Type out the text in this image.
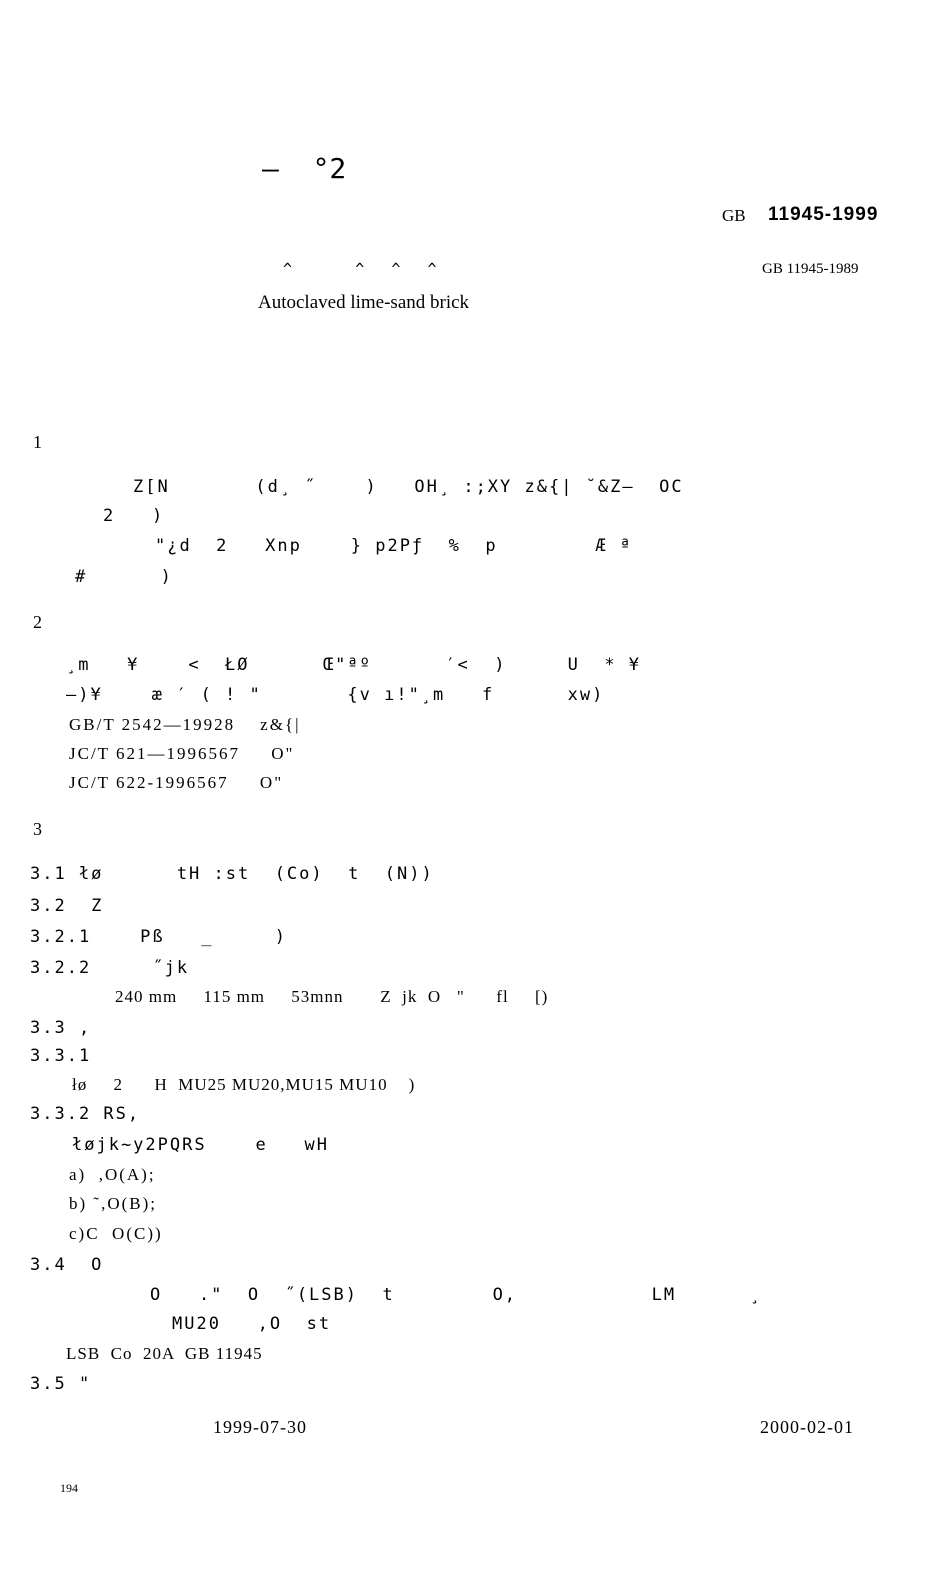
—  °2
GB 11945-1999
^       ^   ^   ^	GB 11945-1989
Autoclaved lime-sand brick
1
Z[N       (d¸ ˝    )   OH¸ :;XY z&{| ˘&Z—  OC
2   )
"¿d  2   Xnp    } p2Pƒ  %  p        Æ ª
#      )
2
¸m   ¥    <  ŁØ      Œ"ªº      ′<  )     U  * ¥
—)¥    æ ′ ( ! "       {v ı!"¸m   f      xw)
GB/T 2542—19928    z&{|
JC/T 621—1996567     O"
JC/T 622-1996567     O"
3
3.1 łø      tH :st  (Co)  t  (N))
3.2  Z
3.2.1    Pß   _     )
3.2.2     ˝jk
240 mm     115 mm     53mnn       Z  jk  O   "      fl     [)
3.3 ,
3.3.1
łø     2      H  MU25 MU20,MU15 MU10    )
3.3.2 RS,
łøjk~y2PQRS    e   wH
a)  ,O(A);
b) ˜,O(B);
c)C  O(C))
3.4  O
O   ."  O  ˝(LSB)  t        O,           LM      ¸
MU20   ,O  st
LSB  Co  20A  GB 11945
3.5 "
1999-07-30	2000-02-01
194
